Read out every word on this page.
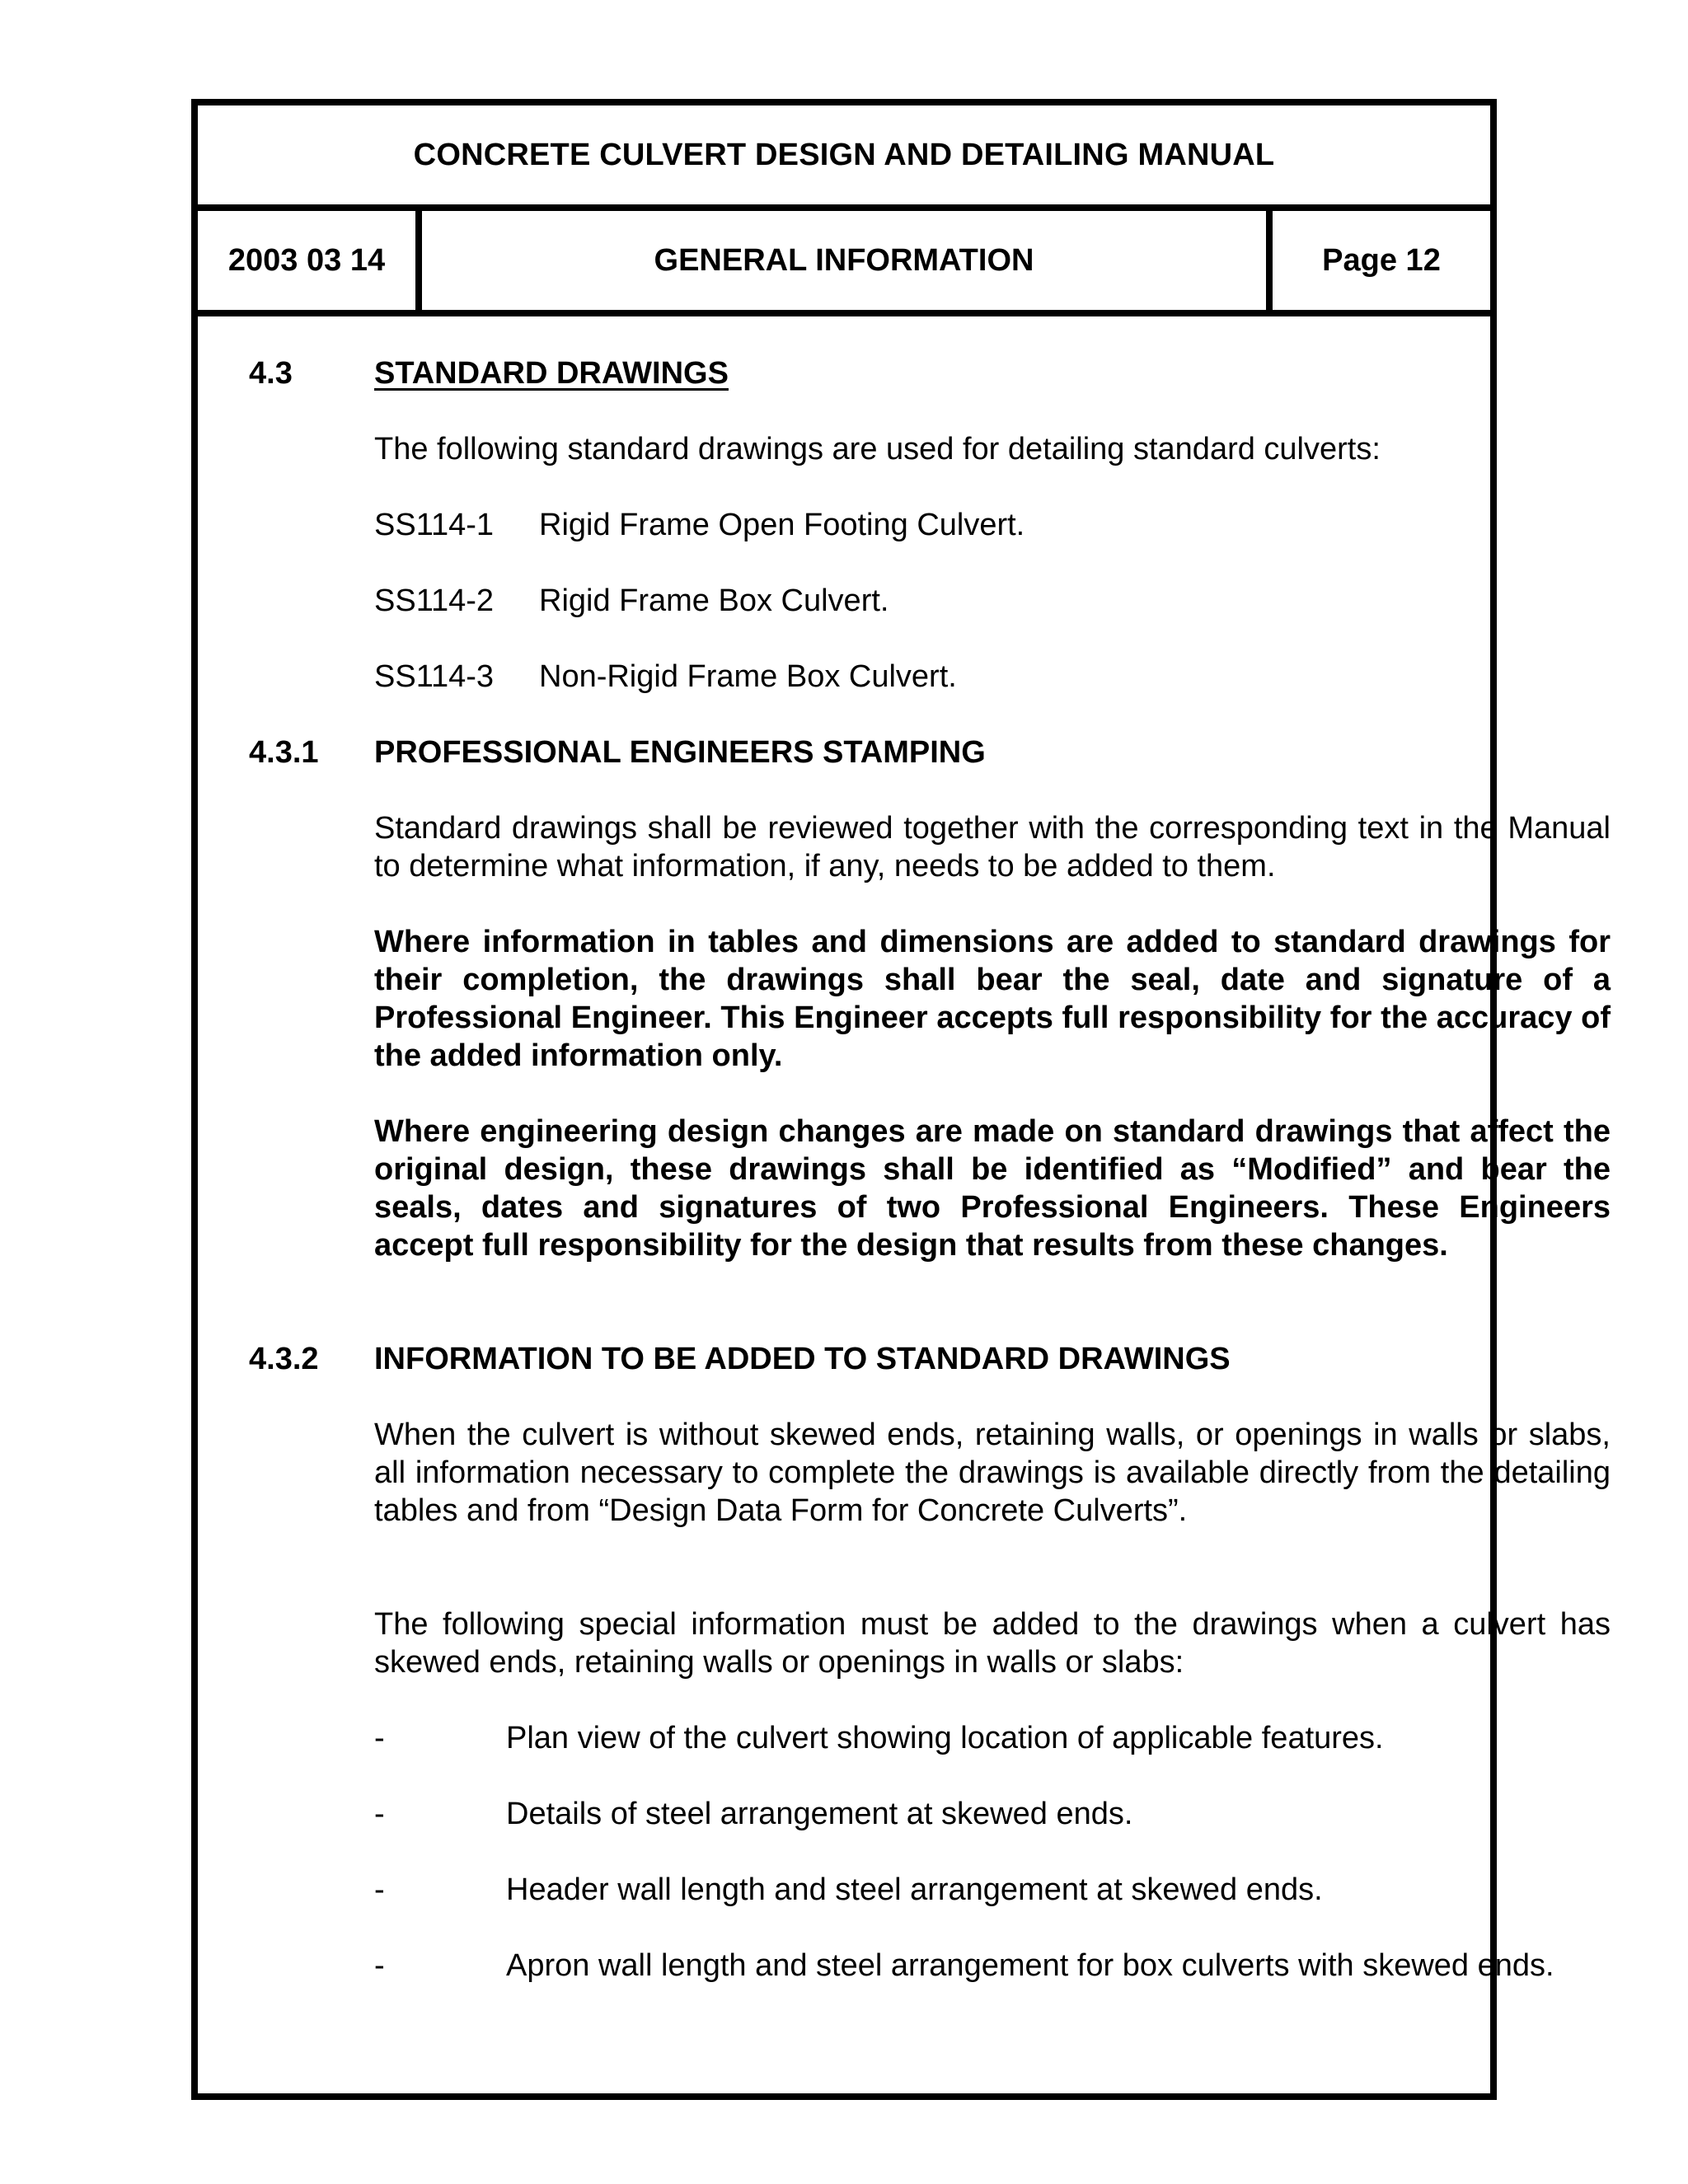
CONCRETE CULVERT DESIGN AND DETAILING MANUAL
2003 03 14	GENERAL INFORMATION	Page 12
4.3	STANDARD DRAWINGS
The following standard drawings are used for detailing standard culverts:
SS114-1 Rigid Frame Open Footing Culvert.
SS114-2 Rigid Frame Box Culvert.
SS114-3 Non-Rigid Frame Box Culvert.
4.3.1 PROFESSIONAL ENGINEERS STAMPING
Standard drawings shall be reviewed together with the corresponding text in the Manual to determine what information, if any, needs to be added to them.
Where information in tables and dimensions are added to standard drawings for their completion, the drawings shall bear the seal, date and signature of a Professional Engineer. This Engineer accepts full responsibility for the accuracy of the added information only.
Where engineering design changes are made on standard drawings that affect the original design, these drawings shall be identified as “Modified” and bear the seals, dates and signatures of two Professional Engineers. These Engineers accept full responsibility for the design that results from these changes.
4.3.2 INFORMATION TO BE ADDED TO STANDARD DRAWINGS
When the culvert is without skewed ends, retaining walls, or openings in walls or slabs, all information necessary to complete the drawings is available directly from the detailing tables and from “Design Data Form for Concrete Culverts”.
The following special information must be added to the drawings when a culvert has skewed ends, retaining walls or openings in walls or slabs:
-	Plan view of the culvert showing location of applicable features.
-	Details of steel arrangement at skewed ends.
-	Header wall length and steel arrangement at skewed ends.
-	Apron wall length and steel arrangement for box culverts with skewed ends.
